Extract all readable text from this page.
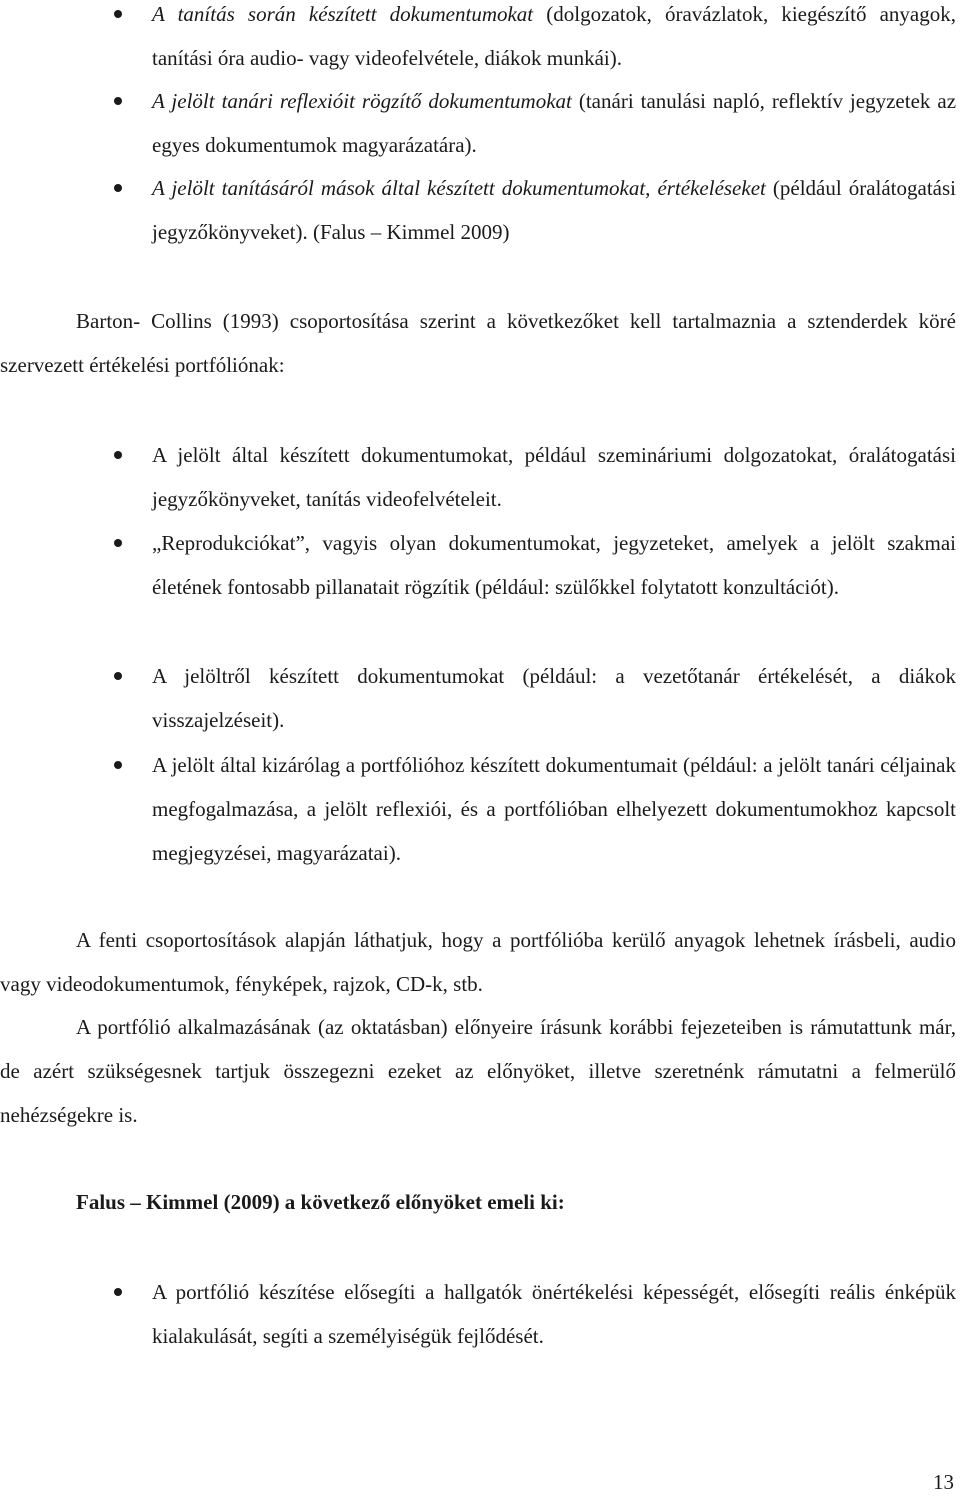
A tanítás során készített dokumentumokat (dolgozatok, óravázlatok, kiegészítő anyagok, tanítási óra audio- vagy videofelvétele, diákok munkái).
A jelölt tanári reflexióit rögzítő dokumentumokat (tanári tanulási napló, reflektív jegyzetek az egyes dokumentumok magyarázatára).
A jelölt tanításáról mások által készített dokumentumokat, értékeléseket (például óralátogatási jegyzőkönyveket). (Falus – Kimmel 2009)

Barton- Collins (1993) csoportosítása szerint a következőket kell tartalmaznia a sztenderdek köré szervezett értékelési portfóliónak:

A jelölt által készített dokumentumokat, például szemináriumi dolgozatokat, óralátogatási jegyzőkönyveket, tanítás videofelvételeit.
„Reprodukciókat”, vagyis olyan dokumentumokat, jegyzeteket, amelyek a jelölt szakmai életének fontosabb pillanatait rögzítik (például: szülőkkel folytatott konzultációt).
A jelöltről készített dokumentumokat (például: a vezetőtanár értékelését, a diákok visszajelzéseit).
A jelölt által kizárólag a portfólióhoz készített dokumentumait (például: a jelölt tanári céljainak megfogalmazása, a jelölt reflexiói, és a portfólióban elhelyezett dokumentumokhoz kapcsolt megjegyzései, magyarázatai).

A fenti csoportosítások alapján láthatjuk, hogy a portfólióba kerülő anyagok lehetnek írásbeli, audio vagy videodokumentumok, fényképek, rajzok, CD-k, stb.

A portfólió alkalmazásának (az oktatásban) előnyeire írásunk korábbi fejezeteiben is rámutattunk már, de azért szükségesnek tartjuk összegezni ezeket az előnyöket, illetve szeretnénk rámutatni a felmerülő nehézségekre is.

Falus – Kimmel (2009) a következő előnyöket emeli ki:
A portfólió készítése elősegíti a hallgatók önértékelési képességét, elősegíti reális énképük kialakulását, segíti a személyiségük fejlődését.
13
